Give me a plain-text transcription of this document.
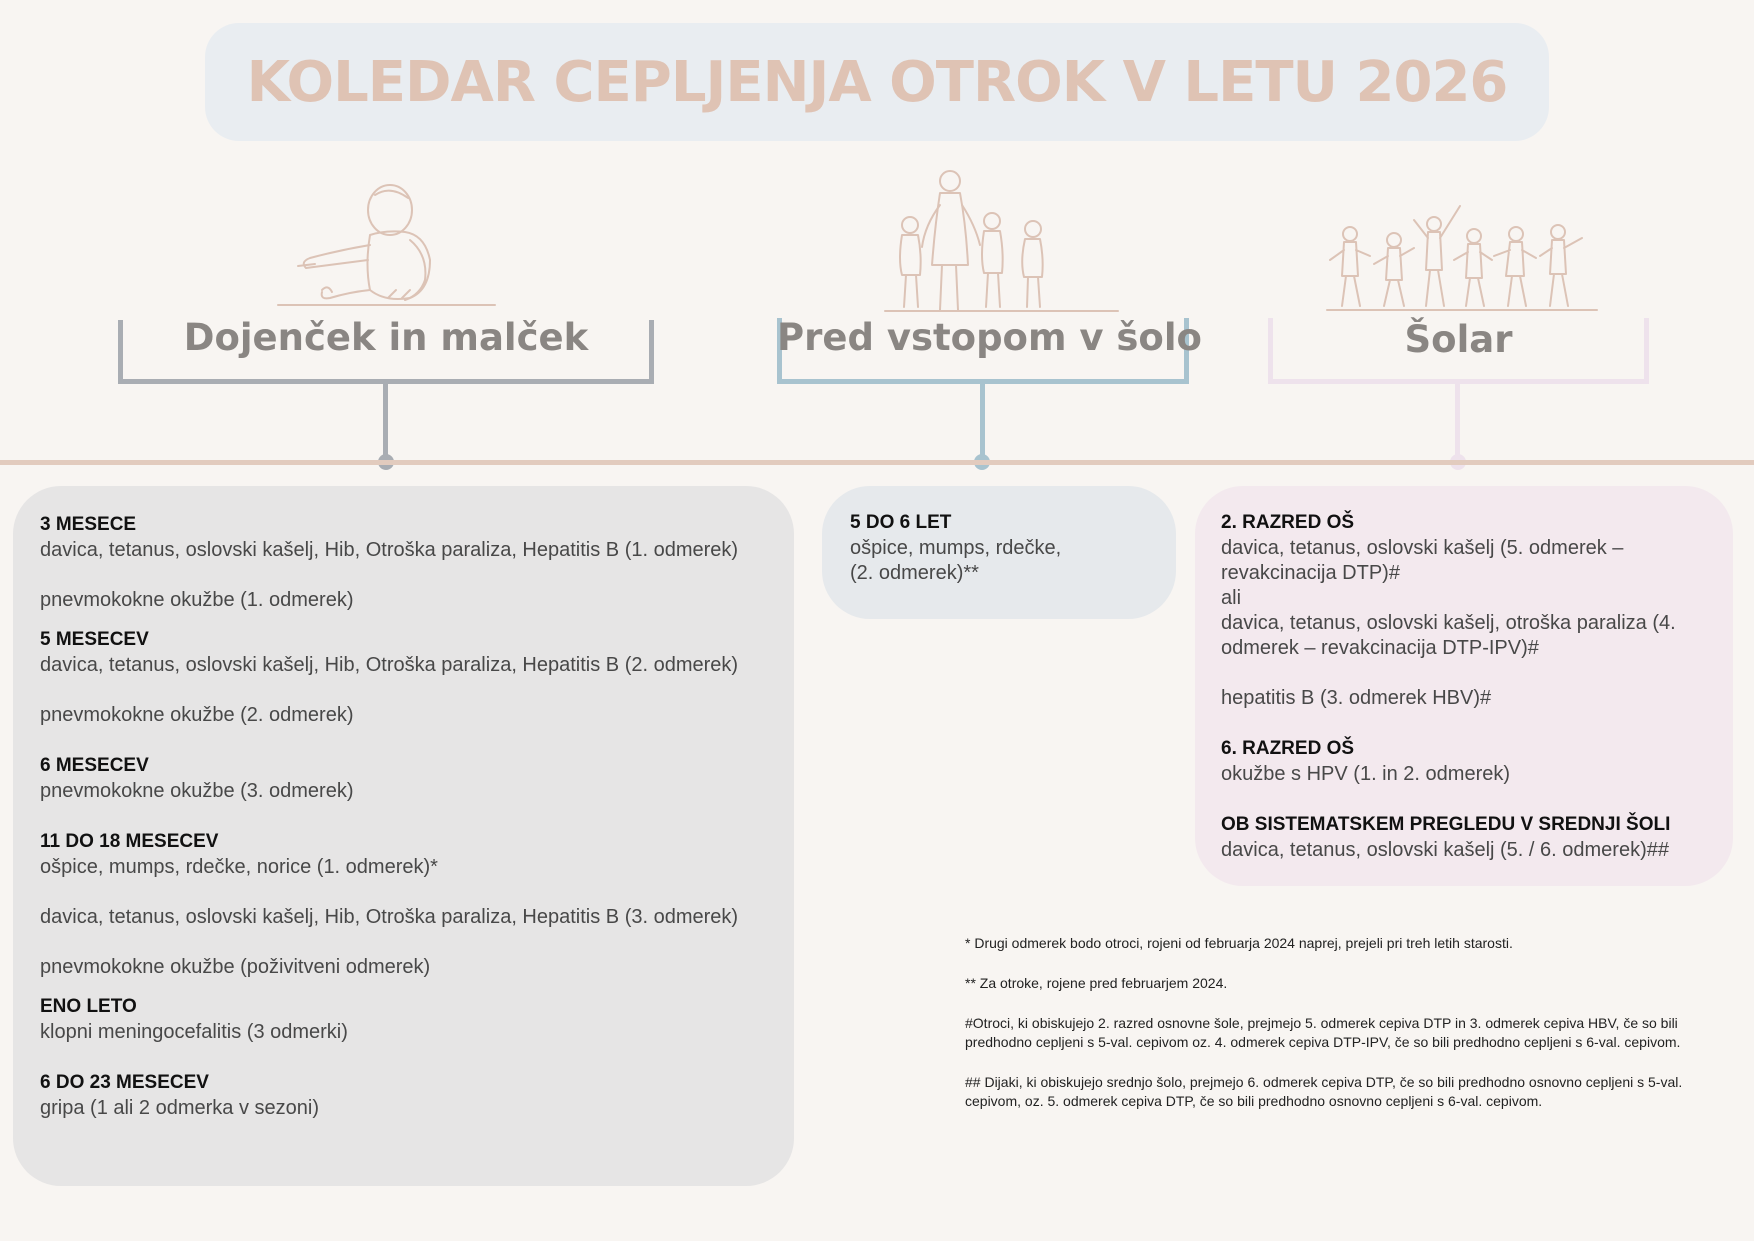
KOLEDAR CEPLJENJA OTROK V LETU 2026
Dojenček in malček	Pred vstopom v šolo	Šolar
3 MESECE
davica, tetanus, oslovski kašelj, Hib, Otroška paraliza, Hepatitis B (1. odmerek)
pnevmokokne okužbe (1. odmerek)
5 MESECEV
davica, tetanus, oslovski kašelj, Hib, Otroška paraliza, Hepatitis B (2. odmerek)
pnevmokokne okužbe (2. odmerek)
6 MESECEV
pnevmokokne okužbe (3. odmerek)
11 DO 18 MESECEV
ošpice, mumps, rdečke, norice (1. odmerek)*
davica, tetanus, oslovski kašelj, Hib, Otroška paraliza, Hepatitis B (3. odmerek)
pnevmokokne okužbe (poživitveni odmerek)
ENO LETO
klopni meningocefalitis (3 odmerki)
6 DO 23 MESECEV
gripa (1 ali 2 odmerka v sezoni)
5 DO 6 LET
ošpice, mumps, rdečke,
(2. odmerek)**
2. RAZRED OŠ
davica, tetanus, oslovski kašelj (5. odmerek –
revakcinacija DTP)#
ali
davica, tetanus, oslovski kašelj, otroška paraliza (4.
odmerek – revakcinacija DTP-IPV)#
hepatitis B (3. odmerek HBV)#
6. RAZRED OŠ
okužbe s HPV (1. in 2. odmerek)
OB SISTEMATSKEM PREGLEDU V SREDNJI ŠOLI
davica, tetanus, oslovski kašelj (5. / 6. odmerek)##

* Drugi odmerek bodo otroci, rojeni od februarja 2024 naprej, prejeli pri treh letih starosti.

** Za otroke, rojene pred februarjem 2024.

#Otroci, ki obiskujejo 2. razred osnovne šole, prejmejo 5. odmerek cepiva DTP in 3. odmerek cepiva HBV, če so bili predhodno cepljeni s 5-val. cepivom oz. 4. odmerek cepiva DTP-IPV, če so bili predhodno cepljeni s 6-val. cepivom.

## Dijaki, ki obiskujejo srednjo šolo, prejmejo 6. odmerek cepiva DTP, če so bili predhodno osnovno cepljeni s 5-val. cepivom, oz. 5. odmerek cepiva DTP, če so bili predhodno osnovno cepljeni s 6-val. cepivom.
